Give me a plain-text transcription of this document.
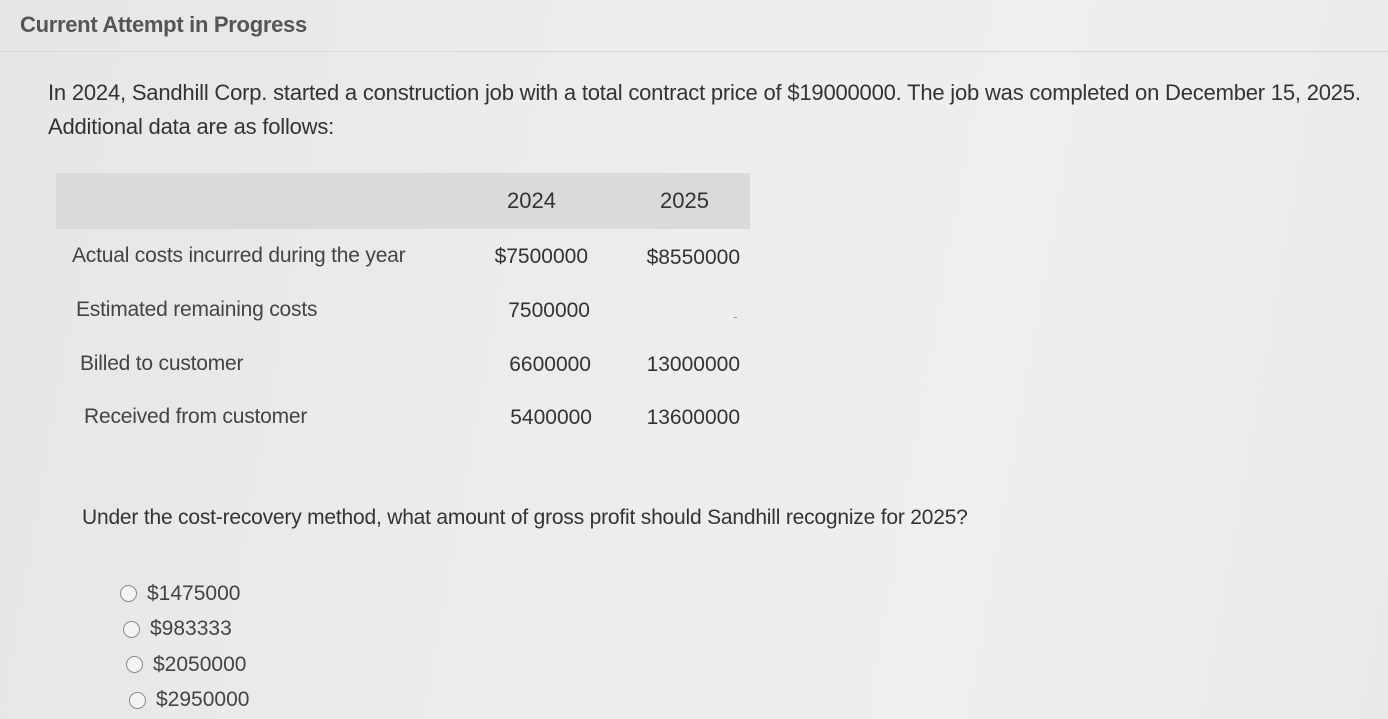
Current Attempt in Progress
In 2024, Sandhill Corp. started a construction job with a total contract price of $19000000. The job was completed on December 15, 2025. Additional data are as follows:
2024	2025
Actual costs incurred during the year	$7500000	$8550000
Estimated remaining costs	7500000	-
Billed to customer	6600000	13000000
Received from customer	5400000	13600000
Under the cost-recovery method, what amount of gross profit should Sandhill recognize for 2025?
$1475000
$983333
$2050000
$2950000
